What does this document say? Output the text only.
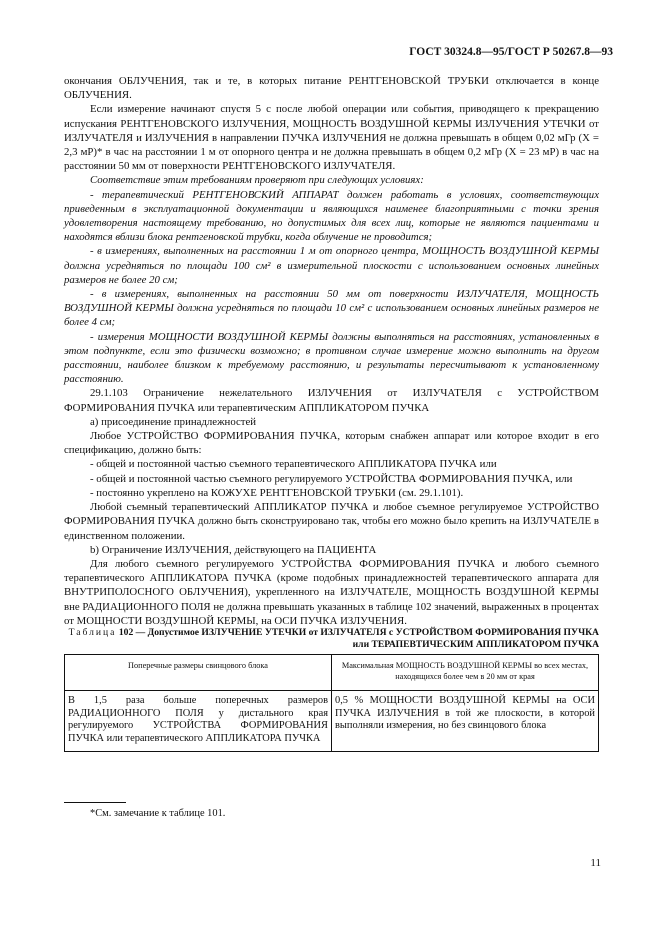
ГОСТ 30324.8—95/ГОСТ Р 50267.8—93

окончания ОБЛУЧЕНИЯ, так и те, в которых питание РЕНТГЕНОВСКОЙ ТРУБКИ отключается в конце ОБЛУЧЕНИЯ.

Если измерение начинают спустя 5 с после любой операции или события, приводящего к прекращению испускания РЕНТГЕНОВСКОГО ИЗЛУЧЕНИЯ, МОЩНОСТЬ ВОЗДУШНОЙ КЕРМЫ ИЗЛУЧЕНИЯ УТЕЧКИ от ИЗЛУЧАТЕЛЯ и ИЗЛУЧЕНИЯ в направлении ПУЧКА ИЗЛУЧЕНИЯ не должна превышать в общем 0,02 мГр (X = 2,3 мР)* в час на расстоянии 1 м от опорного центра и не должна превышать в общем 0,2 мГр (X = 23 мР) в час на расстоянии 50 мм от поверхности РЕНТГЕНОВСКОГО ИЗЛУЧАТЕЛЯ.

Соответствие этим требованиям проверяют при следующих условиях:

- терапевтический РЕНТГЕНОВСКИЙ АППАРАТ должен работать в условиях, соответствующих приведенным в эксплуатационной документации и являющихся наименее благоприятными с точки зрения удовлетворения настоящему требованию, но допустимых для всех лиц, которые не являются пациентами и находятся вблизи блока рентгеновской трубки, когда облучение не проводится;

- в измерениях, выполненных на расстоянии 1 м от опорного центра, МОЩНОСТЬ ВОЗДУШНОЙ КЕРМЫ должна усредняться по площади 100 см² в измерительной плоскости с использованием основных линейных размеров не более 20 см;

- в измерениях, выполненных на расстоянии 50 мм от поверхности ИЗЛУЧАТЕЛЯ, МОЩНОСТЬ ВОЗДУШНОЙ КЕРМЫ должна усредняться по площади 10 см² с использованием основных линейных размеров не более 4 см;

- измерения МОЩНОСТИ ВОЗДУШНОЙ КЕРМЫ должны выполняться на расстояниях, установленных в этом подпункте, если это физически возможно; в противном случае измерение можно выполнить на другом расстоянии, наиболее близком к требуемому расстоянию, и результаты пересчитывают к установленному расстоянию.

29.1.103 Ограничение нежелательного ИЗЛУЧЕНИЯ от ИЗЛУЧАТЕЛЯ с УСТРОЙСТВОМ ФОРМИРОВАНИЯ ПУЧКА или терапевтическим АППЛИКАТОРОМ ПУЧКА

а) присоединение принадлежностей

Любое УСТРОЙСТВО ФОРМИРОВАНИЯ ПУЧКА, которым снабжен аппарат или которое входит в его спецификацию, должно быть:

- общей и постоянной частью съемного терапевтического АППЛИКАТОРА ПУЧКА или

- общей и постоянной частью съемного регулируемого УСТРОЙСТВА ФОРМИРОВАНИЯ ПУЧКА, или

- постоянно укреплено на КОЖУХЕ РЕНТГЕНОВСКОЙ ТРУБКИ (см. 29.1.101).

Любой съемный терапевтический АППЛИКАТОР ПУЧКА и любое съемное регулируемое УСТРОЙСТВО ФОРМИРОВАНИЯ ПУЧКА должно быть сконструировано так, чтобы его можно было крепить на ИЗЛУЧАТЕЛЕ в единственном положении.

b) Ограничение ИЗЛУЧЕНИЯ, действующего на ПАЦИЕНТА

Для любого съемного регулируемого УСТРОЙСТВА ФОРМИРОВАНИЯ ПУЧКА и любого съемного терапевтического АППЛИКАТОРА ПУЧКА (кроме подобных принадлежностей терапевтического аппарата для ВНУТРИПОЛОСНОГО ОБЛУЧЕНИЯ), укрепленного на ИЗЛУЧАТЕЛЕ, МОЩНОСТЬ ВОЗДУШНОЙ КЕРМЫ вне РАДИАЦИОННОГО ПОЛЯ не должна превышать указанных в таблице 102 значений, выраженных в процентах от МОЩНОСТИ ВОЗДУШНОЙ КЕРМЫ, на ОСИ ПУЧКА ИЗЛУЧЕНИЯ.

Таблица 102 — Допустимое ИЗЛУЧЕНИЕ УТЕЧКИ от ИЗЛУЧАТЕЛЯ с УСТРОЙСТВОМ ФОРМИРОВАНИЯ ПУЧКА или ТЕРАПЕВТИЧЕСКИМ АППЛИКАТОРОМ ПУЧКА
Поперечные размеры свинцового блока	Максимальная МОЩНОСТЬ ВОЗДУШНОЙ КЕРМЫ во всех местах, находящихся более чем в 20 мм от края
В 1,5 раза больше поперечных размеров РАДИАЦИОННОГО ПОЛЯ у дистального края регулируемого УСТРОЙСТВА ФОРМИРОВАНИЯ ПУЧКА или терапевтического АППЛИКАТОРА ПУЧКА	0,5 % МОЩНОСТИ ВОЗДУШНОЙ КЕРМЫ на ОСИ ПУЧКА ИЗЛУЧЕНИЯ в той же плоскости, в которой выполняли измерения, но без свинцового блока
*См. замечание к таблице 101.
11
